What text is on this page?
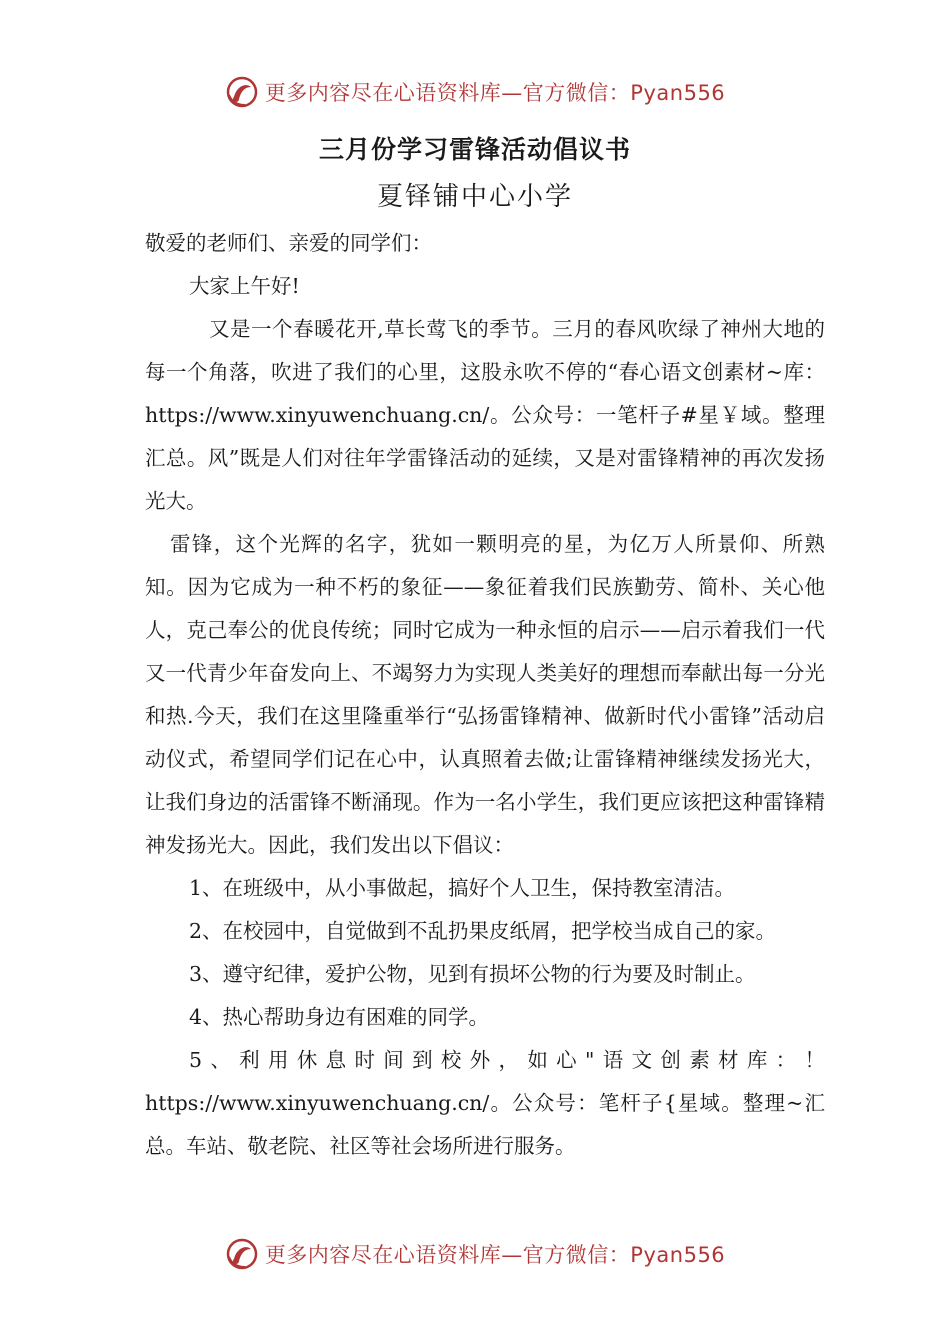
更多内容尽在心语资料库—官方微信：Pyan556
三月份学习雷锋活动倡议书
夏铎铺中心小学

敬爱的老师们、亲爱的同学们：

大家上午好!

又是一个春暖花开,草长莺飞的季节。三月的春风吹绿了神州大地的每一个角落，吹进了我们的心里，这股永吹不停的“春心语文创素材~库：https://www.xinyuwenchuang.cn/。公众号：一笔杆子#星￥域。整理汇总。风”既是人们对往年学雷锋活动的延续，又是对雷锋精神的再次发扬光大。

雷锋，这个光辉的名字，犹如一颗明亮的星，为亿万人所景仰、所熟知。因为它成为一种不朽的象征——象征着我们民族勤劳、简朴、关心他人，克己奉公的优良传统；同时它成为一种永恒的启示——启示着我们一代又一代青少年奋发向上、不竭努力为实现人类美好的理想而奉献出每一分光和热.今天，我们在这里隆重举行“弘扬雷锋精神、做新时代小雷锋”活动启动仪式，希望同学们记在心中，认真照着去做;让雷锋精神继续发扬光大，让我们身边的活雷锋不断涌现。作为一名小学生，我们更应该把这种雷锋精神发扬光大。因此，我们发出以下倡议：

1、在班级中，从小事做起，搞好个人卫生，保持教室清洁。

2、在校园中，自觉做到不乱扔果皮纸屑，把学校当成自己的家。

3、遵守纪律，爱护公物，见到有损坏公物的行为要及时制止。

4、热心帮助身边有困难的同学。

5、利用休息时间到校外，如心"语文创素材库：！https://www.xinyuwenchuang.cn/。公众号：笔杆子{星域。整理~汇总。车站、敬老院、社区等社会场所进行服务。

更多内容尽在心语资料库—官方微信：Pyan556
